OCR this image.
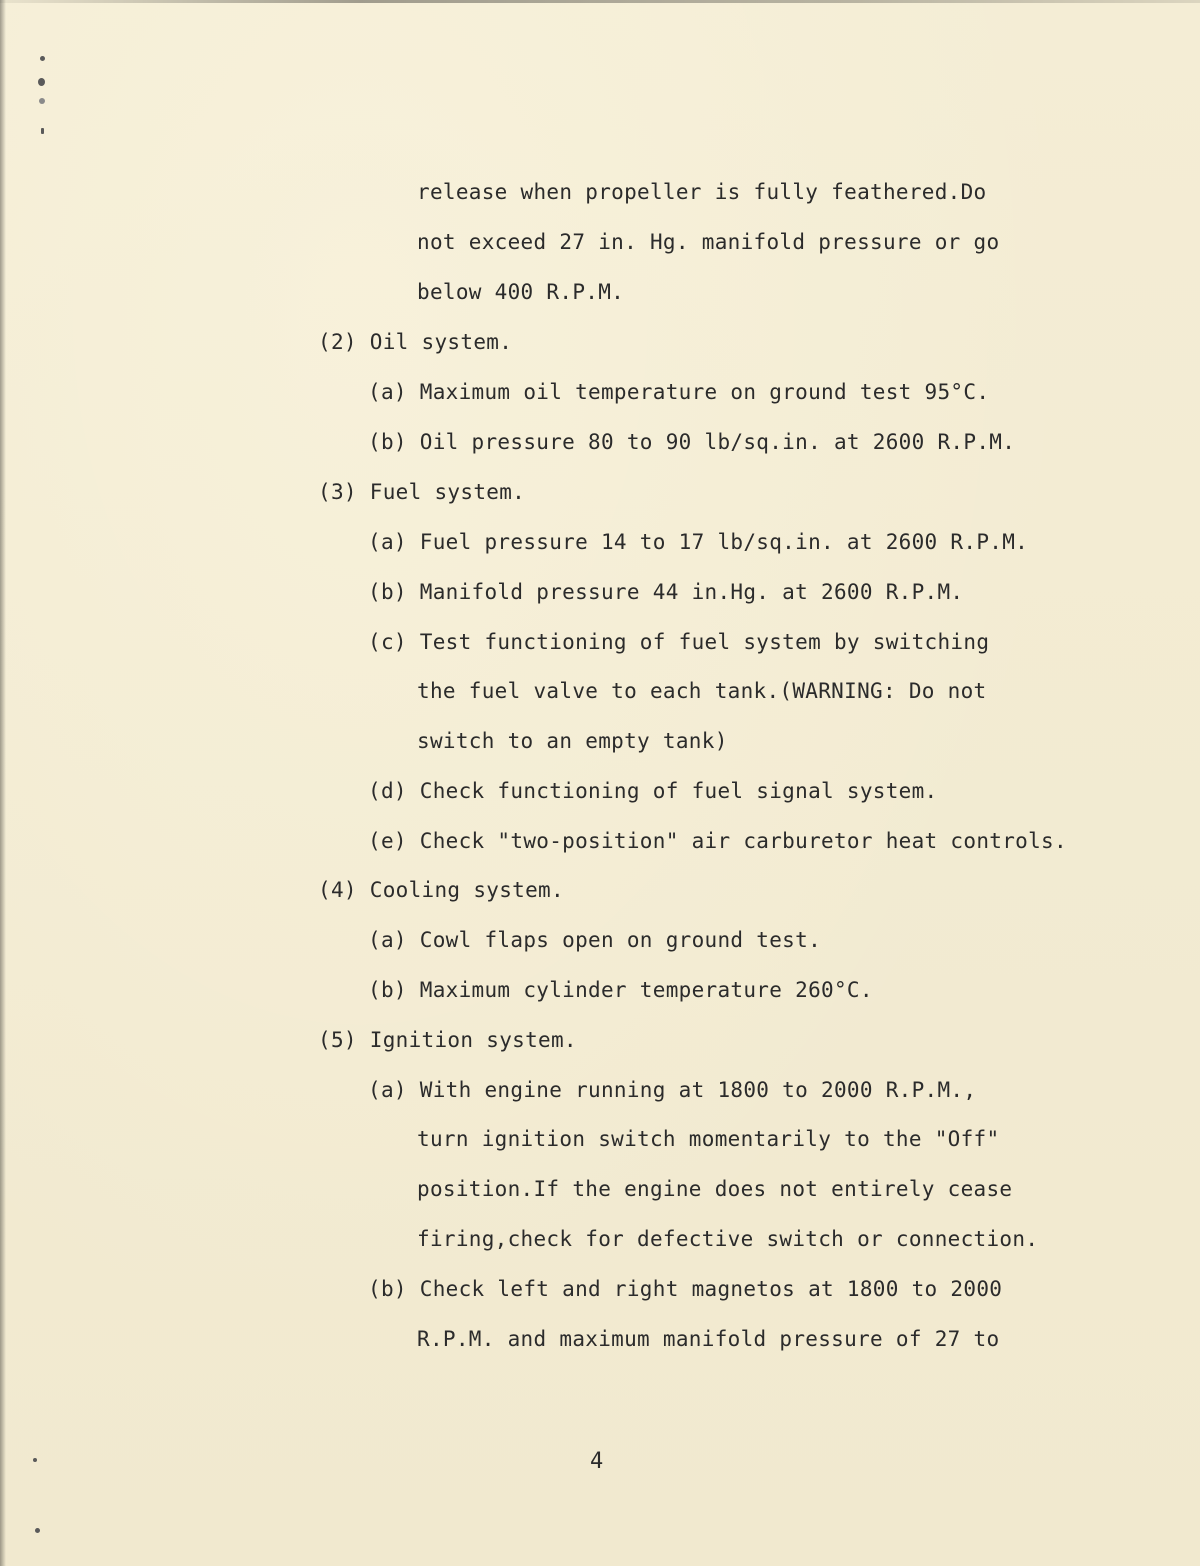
release when propeller is fully feathered.Do
not exceed 27 in. Hg. manifold pressure or go
below 400 R.P.M.
(2) Oil system.
(a) Maximum oil temperature on ground test 95°C.
(b) Oil pressure 80 to 90 lb/sq.in. at 2600 R.P.M.
(3) Fuel system.
(a) Fuel pressure 14 to 17 lb/sq.in. at 2600 R.P.M.
(b) Manifold pressure 44 in.Hg. at 2600 R.P.M.
(c) Test functioning of fuel system by switching
the fuel valve to each tank.(WARNING: Do not
switch to an empty tank)
(d) Check functioning of fuel signal system.
(e) Check "two-position" air carburetor heat controls.
(4) Cooling system.
(a) Cowl flaps open on ground test.
(b) Maximum cylinder temperature 260°C.
(5) Ignition system.
(a) With engine running at 1800 to 2000 R.P.M.,
turn ignition switch momentarily to the "Off"
position.If the engine does not entirely cease
firing,check for defective switch or connection.
(b) Check left and right magnetos at 1800 to 2000
R.P.M. and maximum manifold pressure of 27 to
4
